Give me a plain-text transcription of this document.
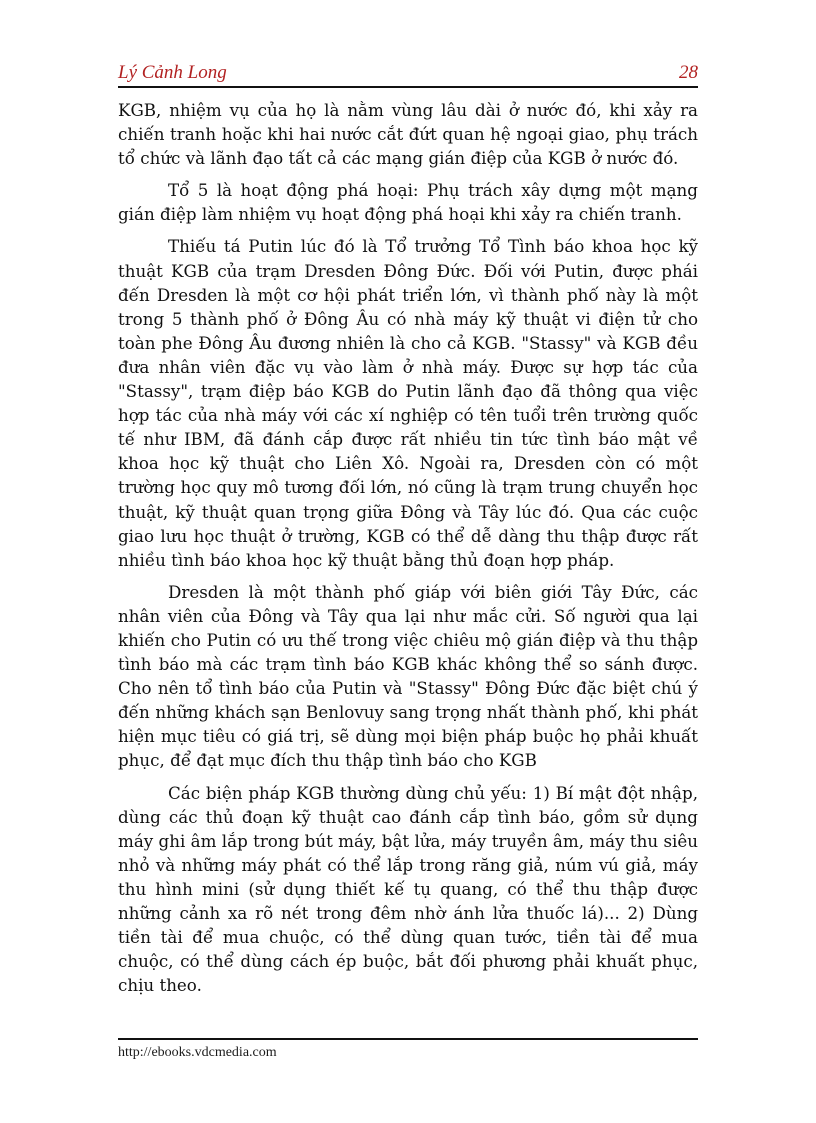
Lý Cảnh Long	28

KGB, nhiệm vụ của họ là nằm vùng lâu dài ở nước đó, khi xảy ra chiến tranh hoặc khi hai nước cắt đứt quan hệ ngoại giao, phụ trách tổ chức và lãnh đạo tất cả các mạng gián điệp của KGB ở nước đó.

Tổ 5 là hoạt động phá hoại: Phụ trách xây dựng một mạng gián điệp làm nhiệm vụ hoạt động phá hoại khi xảy ra chiến tranh.

Thiếu tá Putin lúc đó là Tổ trưởng Tổ Tình báo khoa học kỹ thuật KGB của trạm Dresden Đông Đức. Đối với Putin, được phái đến Dresden là một cơ hội phát triển lớn, vì thành phố này là một trong 5 thành phố ở Đông Âu có nhà máy kỹ thuật vi điện tử cho toàn phe Đông Âu đương nhiên là cho cả KGB. "Stassy" và KGB đều đưa nhân viên đặc vụ vào làm ở nhà máy. Được sự hợp tác của "Stassy", trạm điệp báo KGB do Putin lãnh đạo đã thông qua việc hợp tác của nhà máy với các xí nghiệp có tên tuổi trên trường quốc tế như IBM, đã đánh cắp được rất nhiều tin tức tình báo mật về khoa học kỹ thuật cho Liên Xô. Ngoài ra, Dresden còn có một trường học quy mô tương đối lớn, nó cũng là trạm trung chuyển học thuật, kỹ thuật quan trọng giữa Đông và Tây lúc đó. Qua các cuộc giao lưu học thuật ở trường, KGB có thể dễ dàng thu thập được rất nhiều tình báo khoa học kỹ thuật bằng thủ đoạn hợp pháp.

Dresden là một thành phố giáp với biên giới Tây Đức, các nhân viên của Đông và Tây qua lại như mắc cửi. Số người qua lại khiến cho Putin có ưu thế trong việc chiêu mộ gián điệp và thu thập tình báo mà các trạm tình báo KGB khác không thể so sánh được. Cho nên tổ tình báo của Putin và "Stassy" Đông Đức đặc biệt chú ý đến những khách sạn Benlovuy sang trọng nhất thành phố, khi phát hiện mục tiêu có giá trị, sẽ dùng mọi biện pháp buộc họ phải khuất phục, để đạt mục đích thu thập tình báo cho KGB

Các biện pháp KGB thường dùng chủ yếu: 1) Bí mật đột nhập, dùng các thủ đoạn kỹ thuật cao đánh cắp tình báo, gồm sử dụng máy ghi âm lắp trong bút máy, bật lửa, máy truyền âm, máy thu siêu nhỏ và những máy phát có thể lắp trong răng giả, núm vú giả, máy thu hình mini (sử dụng thiết kế tụ quang, có thể thu thập được những cảnh xa rõ nét trong đêm nhờ ánh lửa thuốc lá)... 2) Dùng tiền tài để mua chuộc, có thể dùng quan tước, tiền tài để mua chuộc, có thể dùng cách ép buộc, bắt đối phương phải khuất phục, chịu theo.

http://ebooks.vdcmedia.com
